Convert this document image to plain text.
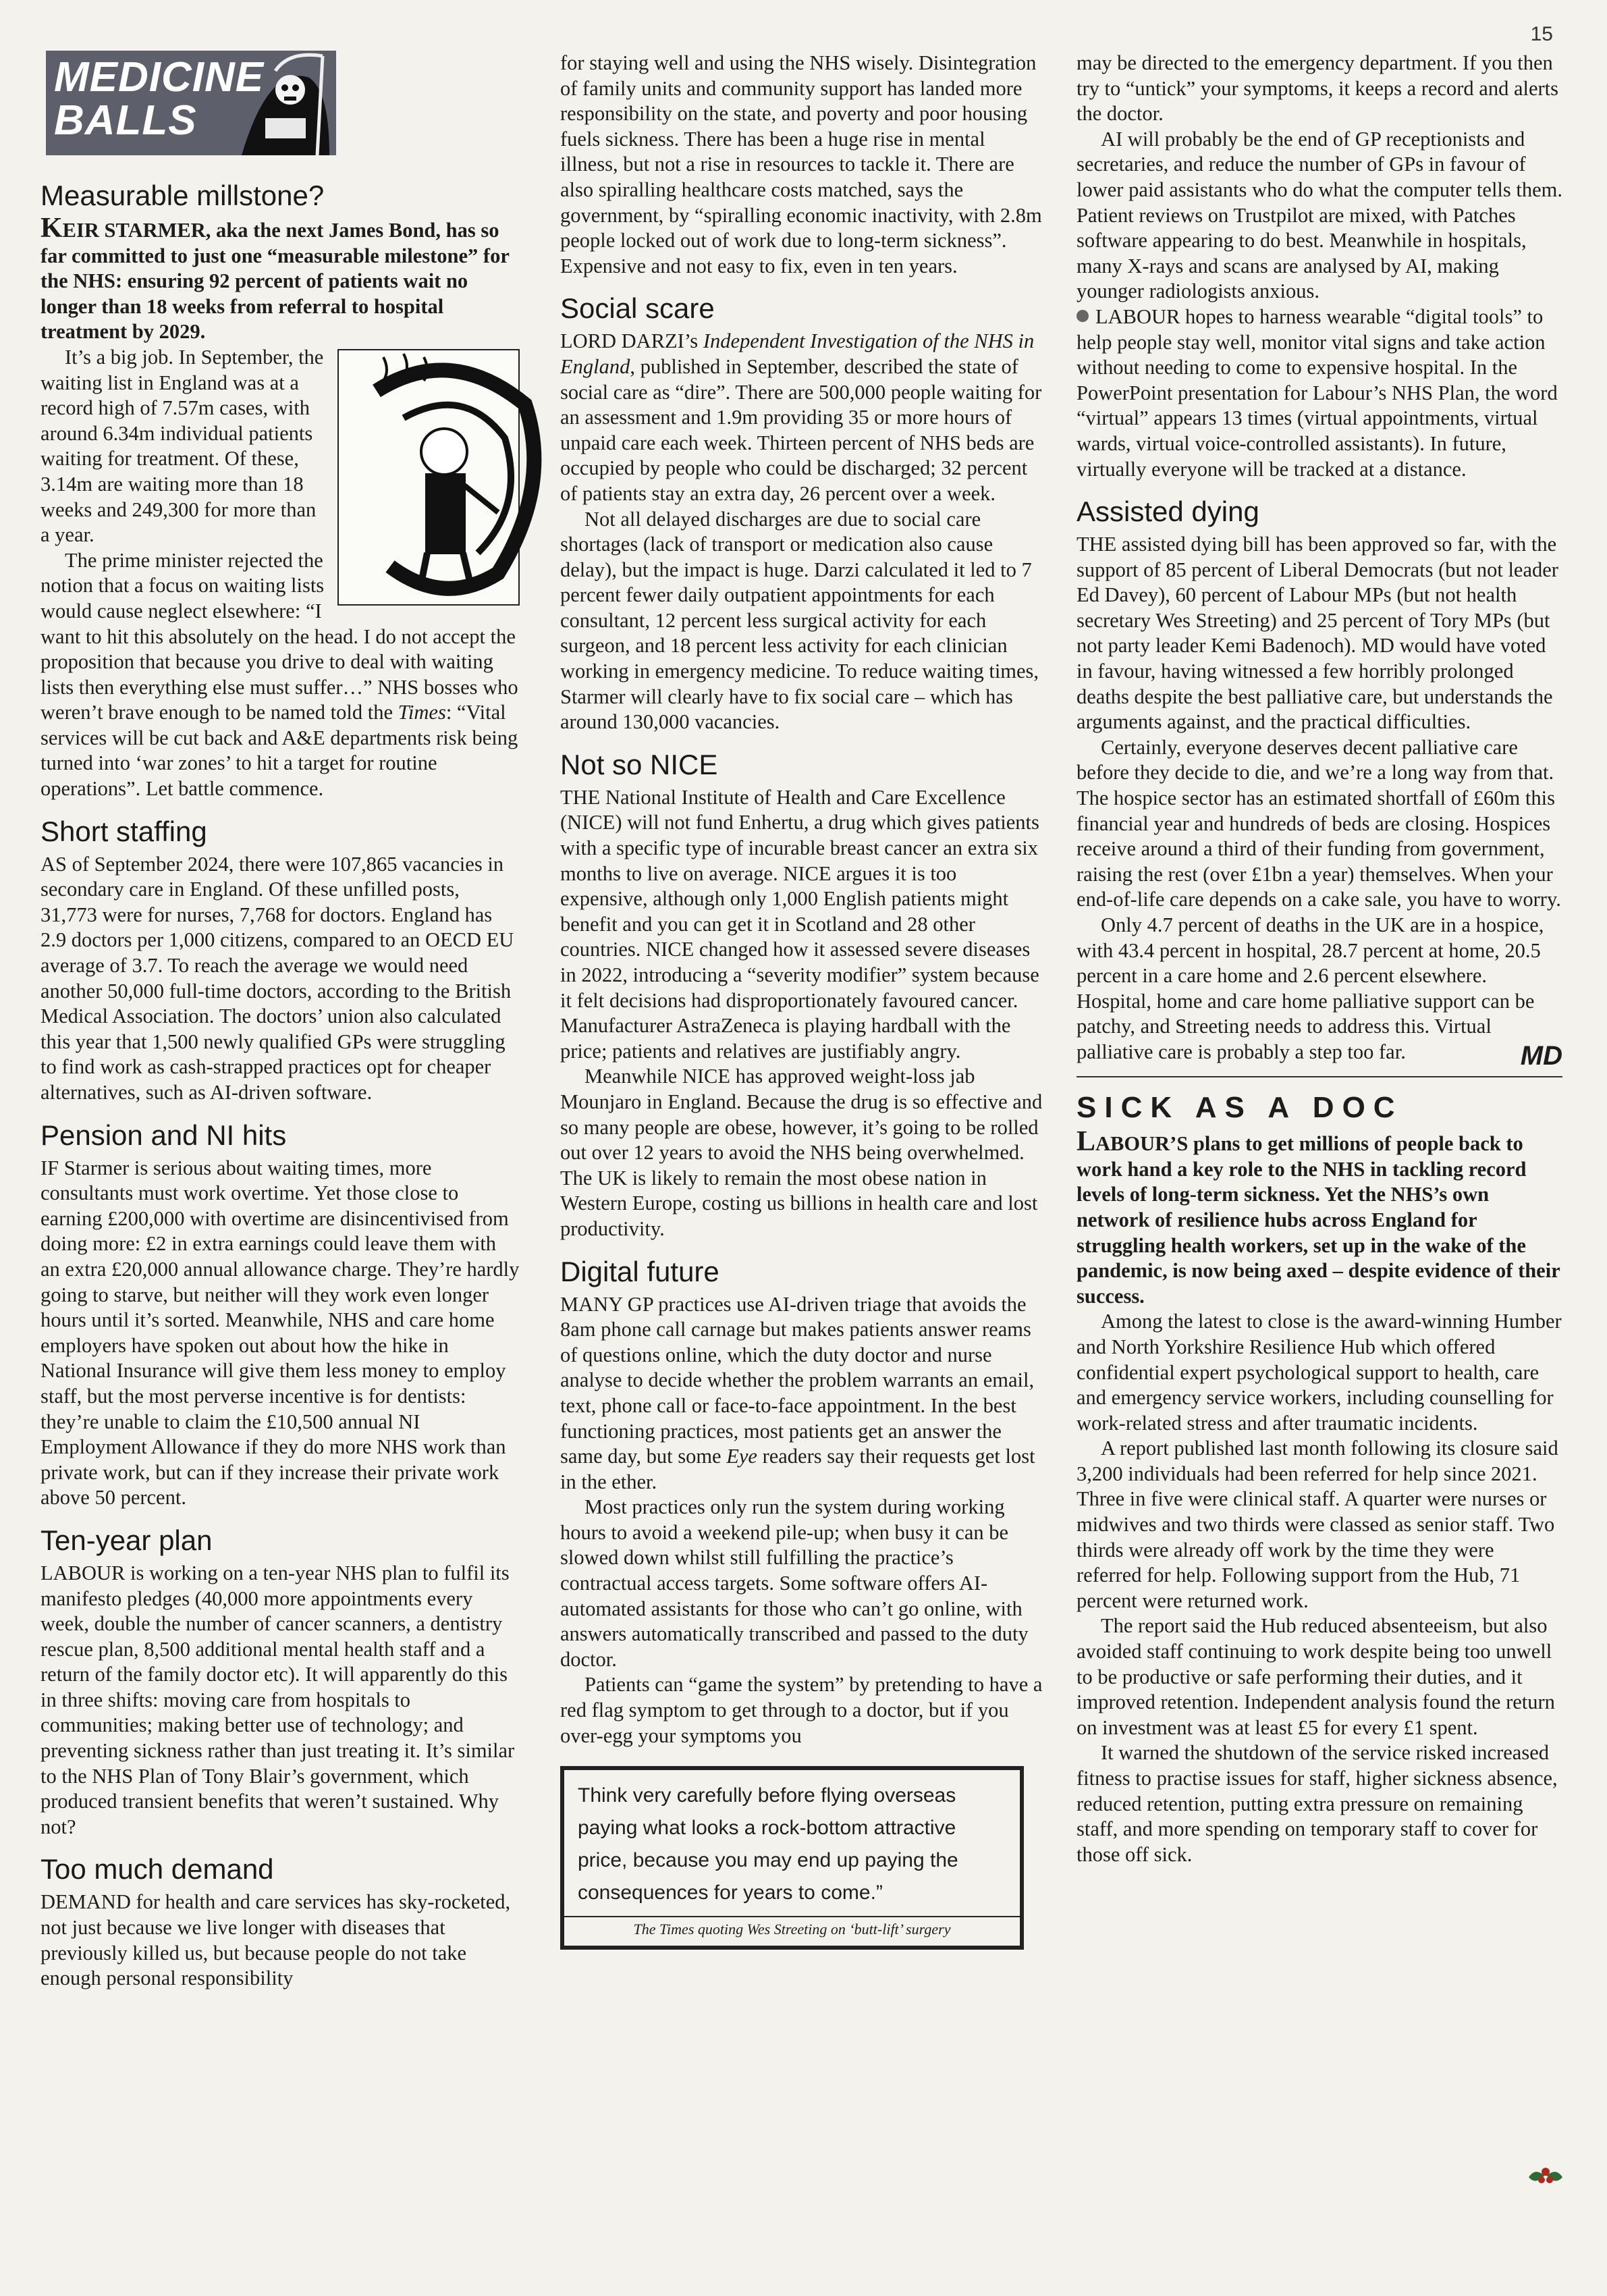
15
MEDICINE
BALLS
Measurable millstone?

KEIR STARMER, aka the next James Bond, has so far committed to just one “measurable milestone” for the NHS: ensuring 92 percent of patients wait no longer than 18 weeks from referral to hospital treatment by 2029.

It’s a big job. In September, the waiting list in England was at a record high of 7.57m cases, with around 6.34m individual patients waiting for treatment. Of these, 3.14m are waiting more than 18 weeks and 249,300 for more than a year.

The prime minister rejected the notion that a focus on waiting lists would cause neglect elsewhere: “I want to hit this absolutely on the head. I do not accept the proposition that because you drive to deal with waiting lists then everything else must suffer…” NHS bosses who weren’t brave enough to be named told the Times: “Vital services will be cut back and A&E departments risk being turned into ‘war zones’ to hit a target for routine operations”. Let battle commence.

Short staffing

AS of September 2024, there were 107,865 vacancies in secondary care in England. Of these unfilled posts, 31,773 were for nurses, 7,768 for doctors. England has 2.9 doctors per 1,000 citizens, compared to an OECD EU average of 3.7. To reach the average we would need another 50,000 full-time doctors, according to the British Medical Association. The doctors’ union also calculated this year that 1,500 newly qualified GPs were struggling to find work as cash-strapped practices opt for cheaper alternatives, such as AI-driven software.

Pension and NI hits

IF Starmer is serious about waiting times, more consultants must work overtime. Yet those close to earning £200,000 with overtime are disincentivised from doing more: £2 in extra earnings could leave them with an extra £20,000 annual allowance charge. They’re hardly going to starve, but neither will they work even longer hours until it’s sorted. Meanwhile, NHS and care home employers have spoken out about how the hike in National Insurance will give them less money to employ staff, but the most perverse incentive is for dentists: they’re unable to claim the £10,500 annual NI Employment Allowance if they do more NHS work than private work, but can if they increase their private work above 50 percent.

Ten-year plan

LABOUR is working on a ten-year NHS plan to fulfil its manifesto pledges (40,000 more appointments every week, double the number of cancer scanners, a dentistry rescue plan, 8,500 additional mental health staff and a return of the family doctor etc). It will apparently do this in three shifts: moving care from hospitals to communities; making better use of technology; and preventing sickness rather than just treating it. It’s similar to the NHS Plan of Tony Blair’s government, which produced transient benefits that weren’t sustained. Why not?

Too much demand

DEMAND for health and care services has sky-rocketed, not just because we live longer with diseases that previously killed us, but because people do not take enough personal responsibility

for staying well and using the NHS wisely. Disintegration of family units and community support has landed more responsibility on the state, and poverty and poor housing fuels sickness. There has been a huge rise in mental illness, but not a rise in resources to tackle it. There are also spiralling healthcare costs matched, says the government, by “spiralling economic inactivity, with 2.8m people locked out of work due to long-term sickness”. Expensive and not easy to fix, even in ten years.

Social scare

LORD DARZI’s Independent Investigation of the NHS in England, published in September, described the state of social care as “dire”. There are 500,000 people waiting for an assessment and 1.9m providing 35 or more hours of unpaid care each week. Thirteen percent of NHS beds are occupied by people who could be discharged; 32 percent of patients stay an extra day, 26 percent over a week.

Not all delayed discharges are due to social care shortages (lack of transport or medication also cause delay), but the impact is huge. Darzi calculated it led to 7 percent fewer daily outpatient appointments for each consultant, 12 percent less surgical activity for each surgeon, and 18 percent less activity for each clinician working in emergency medicine. To reduce waiting times, Starmer will clearly have to fix social care – which has around 130,000 vacancies.

Not so NICE

THE National Institute of Health and Care Excellence (NICE) will not fund Enhertu, a drug which gives patients with a specific type of incurable breast cancer an extra six months to live on average. NICE argues it is too expensive, although only 1,000 English patients might benefit and you can get it in Scotland and 28 other countries. NICE changed how it assessed severe diseases in 2022, introducing a “severity modifier” system because it felt decisions had disproportionately favoured cancer. Manufacturer AstraZeneca is playing hardball with the price; patients and relatives are justifiably angry.

Meanwhile NICE has approved weight-loss jab Mounjaro in England. Because the drug is so effective and so many people are obese, however, it’s going to be rolled out over 12 years to avoid the NHS being overwhelmed. The UK is likely to remain the most obese nation in Western Europe, costing us billions in health care and lost productivity.

Digital future

MANY GP practices use AI-driven triage that avoids the 8am phone call carnage but makes patients answer reams of questions online, which the duty doctor and nurse analyse to decide whether the problem warrants an email, text, phone call or face-to-face appointment. In the best functioning practices, most patients get an answer the same day, but some Eye readers say their requests get lost in the ether.

Most practices only run the system during working hours to avoid a weekend pile-up; when busy it can be slowed down whilst still fulfilling the practice’s contractual access targets. Some software offers AI-automated assistants for those who can’t go online, with answers automatically transcribed and passed to the duty doctor.

Patients can “game the system” by pretending to have a red flag symptom to get through to a doctor, but if you over-egg your symptoms you

Think very carefully before flying overseas paying what looks a rock-bottom attractive price, because you may end up paying the consequences for years to come.”
The Times quoting Wes Streeting on ‘butt-lift’ surgery

may be directed to the emergency department. If you then try to “untick” your symptoms, it keeps a record and alerts the doctor.

AI will probably be the end of GP receptionists and secretaries, and reduce the number of GPs in favour of lower paid assistants who do what the computer tells them. Patient reviews on Trustpilot are mixed, with Patches software appearing to do best. Meanwhile in hospitals, many X-rays and scans are analysed by AI, making younger radiologists anxious.

LABOUR hopes to harness wearable “digital tools” to help people stay well, monitor vital signs and take action without needing to come to expensive hospital. In the PowerPoint presentation for Labour’s NHS Plan, the word “virtual” appears 13 times (virtual appointments, virtual wards, virtual voice-controlled assistants). In future, virtually everyone will be tracked at a distance.

Assisted dying

THE assisted dying bill has been approved so far, with the support of 85 percent of Liberal Democrats (but not leader Ed Davey), 60 percent of Labour MPs (but not health secretary Wes Streeting) and 25 percent of Tory MPs (but not party leader Kemi Badenoch). MD would have voted in favour, having witnessed a few horribly prolonged deaths despite the best palliative care, but understands the arguments against, and the practical difficulties.

Certainly, everyone deserves decent palliative care before they decide to die, and we’re a long way from that. The hospice sector has an estimated shortfall of £60m this financial year and hundreds of beds are closing. Hospices receive around a third of their funding from government, raising the rest (over £1bn a year) themselves. When your end-of-life care depends on a cake sale, you have to worry.

Only 4.7 percent of deaths in the UK are in a hospice, with 43.4 percent in hospital, 28.7 percent at home, 20.5 percent in a care home and 2.6 percent elsewhere. Hospital, home and care home palliative support can be patchy, and Streeting needs to address this. Virtual palliative care is probably a step too far.	MD
SICK AS A DOC

LABOUR’S plans to get millions of people back to work hand a key role to the NHS in tackling record levels of long-term sickness. Yet the NHS’s own network of resilience hubs across England for struggling health workers, set up in the wake of the pandemic, is now being axed – despite evidence of their success.

Among the latest to close is the award-winning Humber and North Yorkshire Resilience Hub which offered confidential expert psychological support to health, care and emergency service workers, including counselling for work-related stress and after traumatic incidents.

A report published last month following its closure said 3,200 individuals had been referred for help since 2021. Three in five were clinical staff. A quarter were nurses or midwives and two thirds were classed as senior staff. Two thirds were already off work by the time they were referred for help. Following support from the Hub, 71 percent were returned work.

The report said the Hub reduced absenteeism, but also avoided staff continuing to work despite being too unwell to be productive or safe performing their duties, and it improved retention. Independent analysis found the return on investment was at least £5 for every £1 spent.

It warned the shutdown of the service risked increased fitness to practise issues for staff, higher sickness absence, reduced retention, putting extra pressure on remaining staff, and more spending on temporary staff to cover for those off sick.
